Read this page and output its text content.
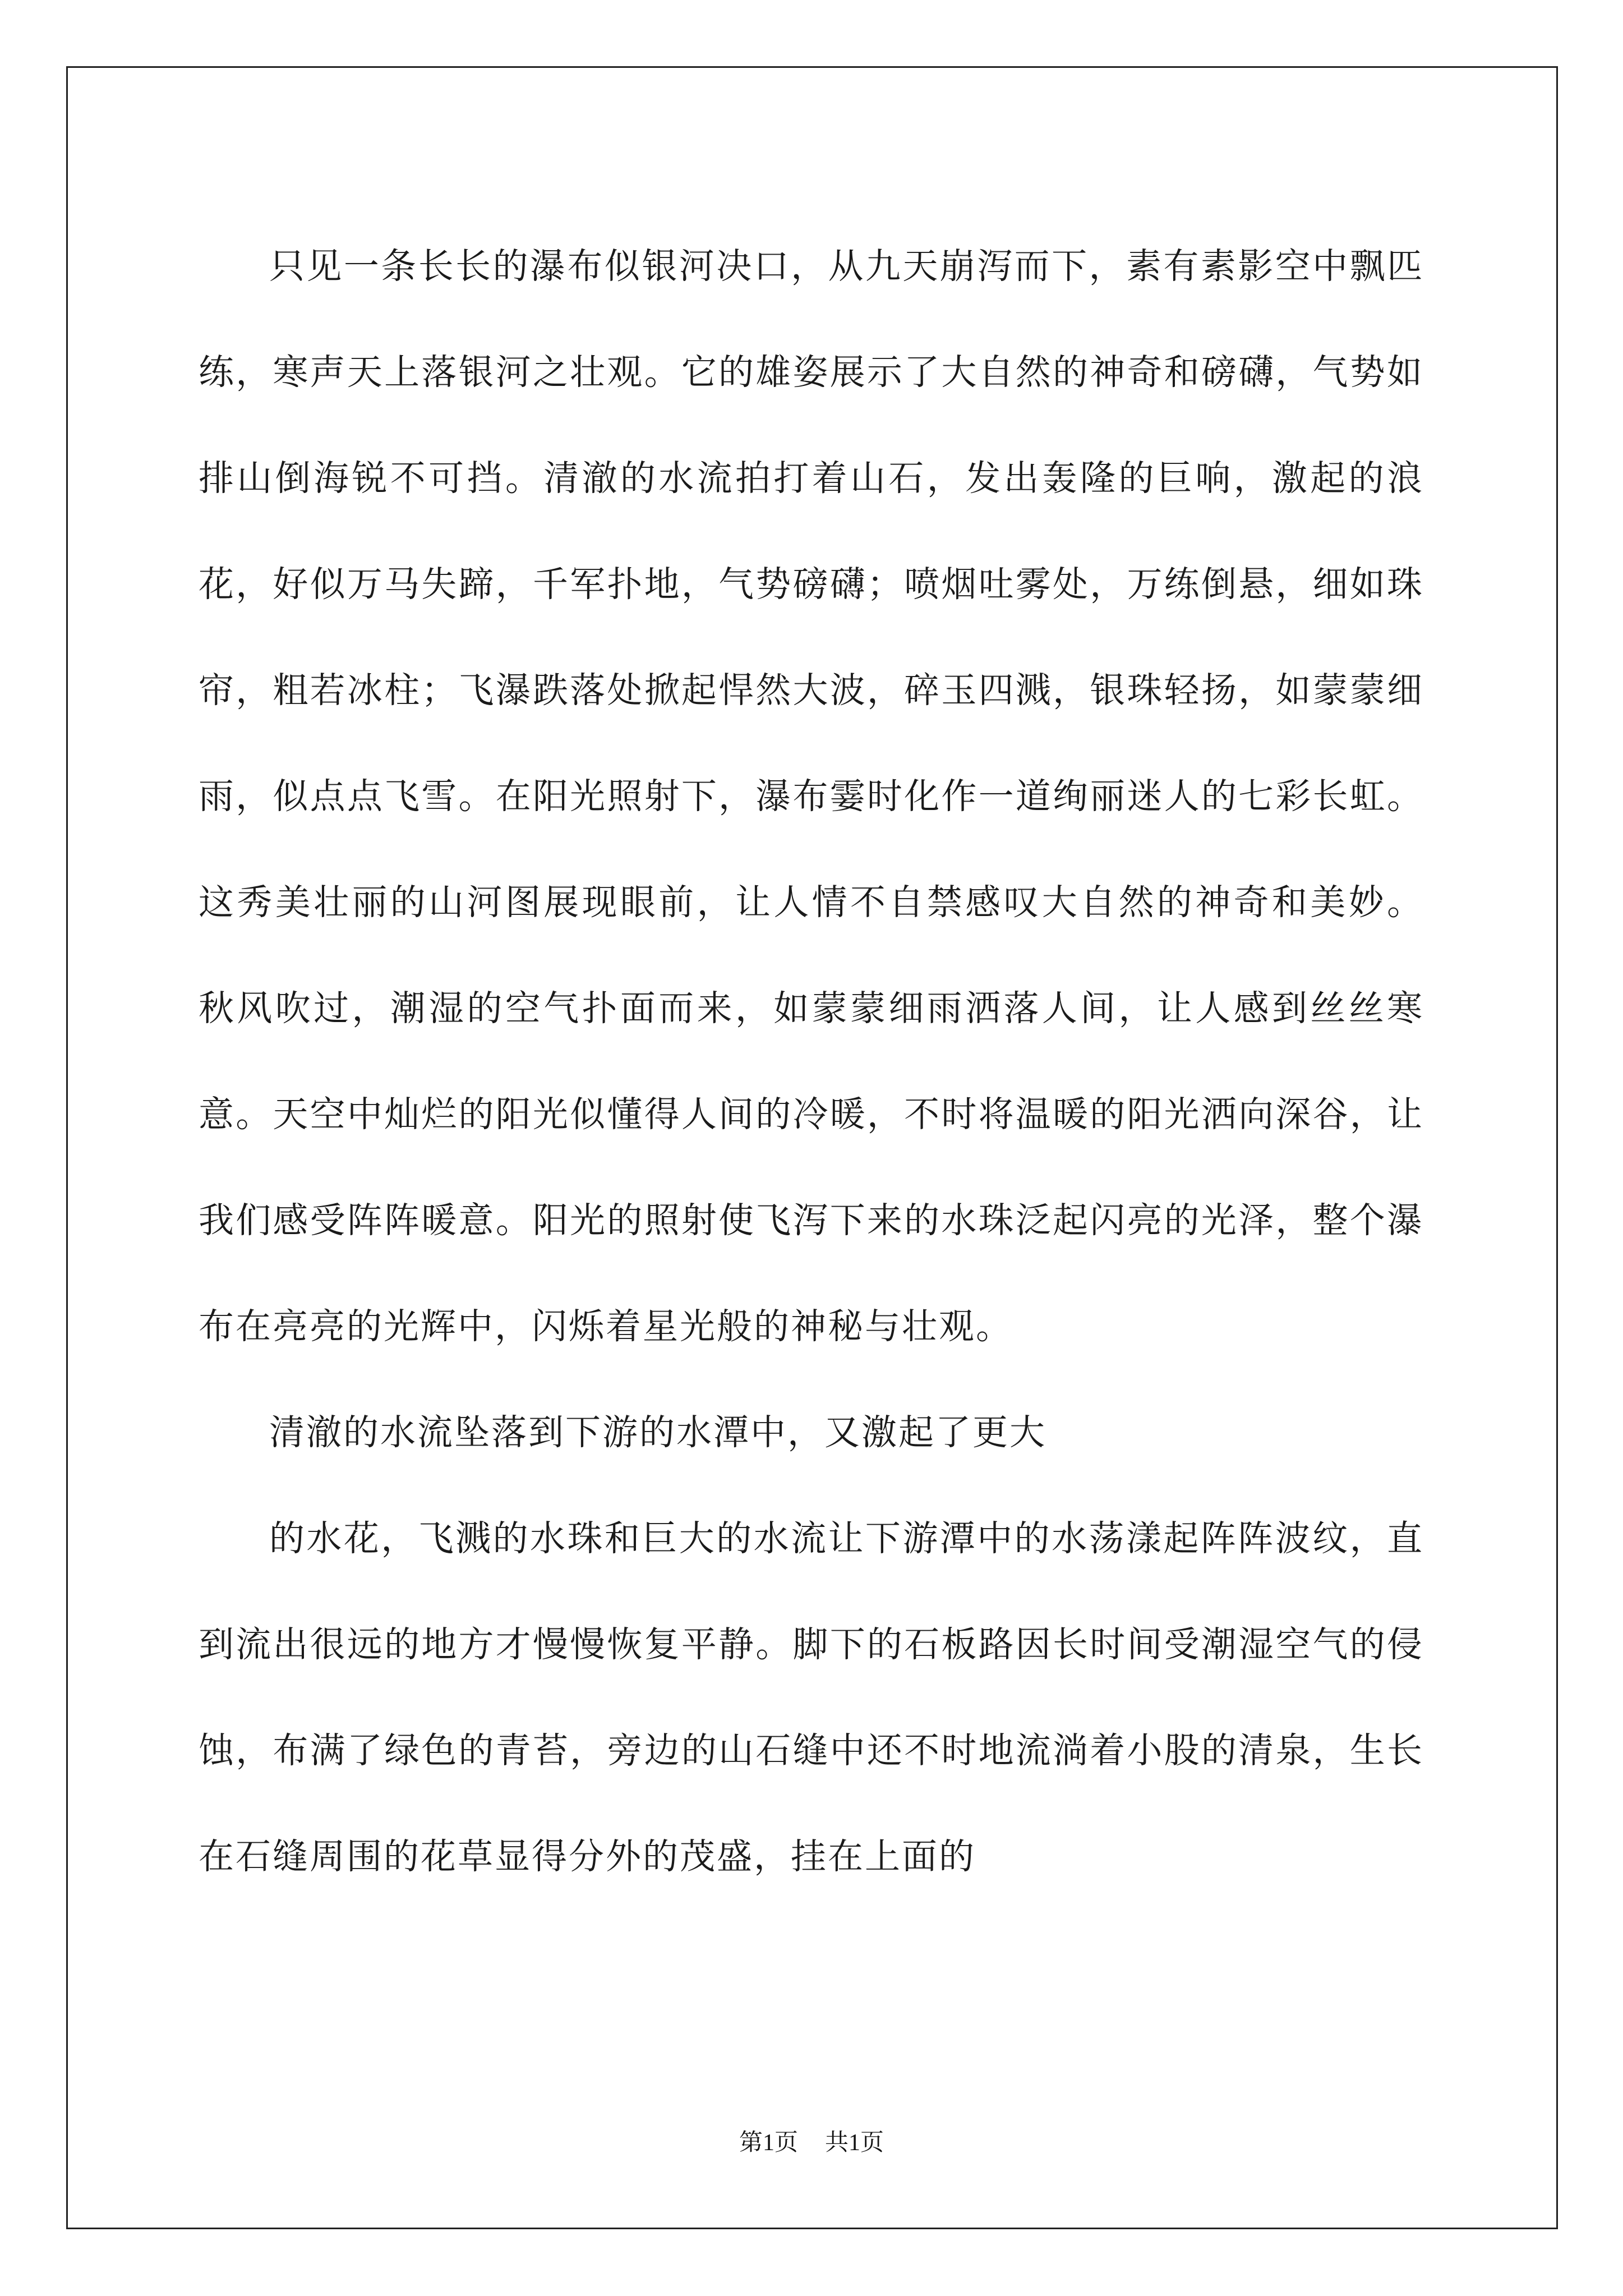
只见一条长长的瀑布似银河决口，从九天崩泻而下，素有素影空中飘匹练，寒声天上落银河之壮观。它的雄姿展示了大自然的神奇和磅礴，气势如排山倒海锐不可挡。清澈的水流拍打着山石，发出轰隆的巨响，激起的浪花，好似万马失蹄，千军扑地，气势磅礴；喷烟吐雾处，万练倒悬，细如珠帘，粗若冰柱；飞瀑跌落处掀起悍然大波，碎玉四溅，银珠轻扬，如蒙蒙细雨，似点点飞雪。在阳光照射下，瀑布霎时化作一道绚丽迷人的七彩长虹。这秀美壮丽的山河图展现眼前，让人情不自禁感叹大自然的神奇和美妙。 秋风吹过，潮湿的空气扑面而来，如蒙蒙细雨洒落人间，让人感到丝丝寒意。天空中灿烂的阳光似懂得人间的冷暖，不时将温暖的阳光洒向深谷，让我们感受阵阵暖意。阳光的照射使飞泻下来的水珠泛起闪亮的光泽，整个瀑布在亮亮的光辉中，闪烁着星光般的神秘与壮观。

清澈的水流坠落到下游的水潭中，又激起了更大

的水花，飞溅的水珠和巨大的水流让下游潭中的水荡漾起阵阵波纹，直到流出很远的地方才慢慢恢复平静。脚下的石板路因长时间受潮湿空气的侵蚀，布满了绿色的青苔，旁边的山石缝中还不时地流淌着小股的清泉，生长在石缝周围的花草显得分外的茂盛，挂在上面的

第1页 共1页
